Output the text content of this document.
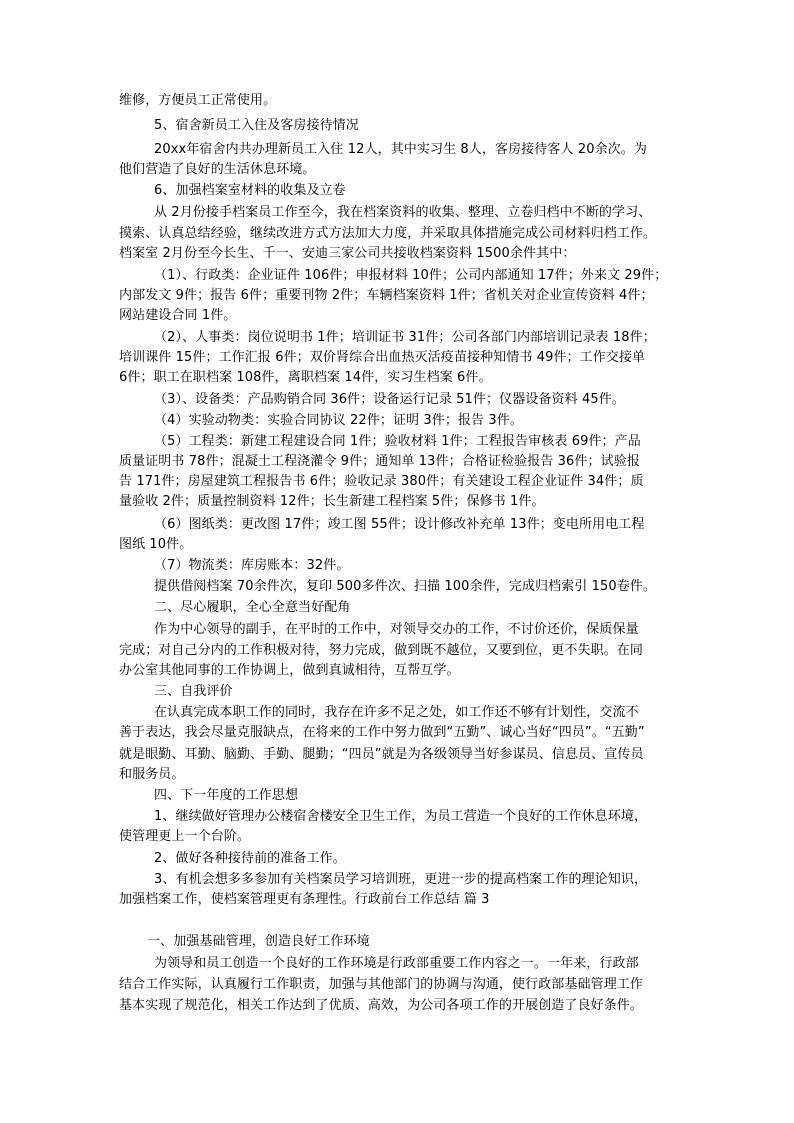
维修，方便员工正常使用。
5、宿舍新员工入住及客房接待情况
20xx年宿舍内共办理新员工入住 12人，其中实习生 8人，客房接待客人 20余次。为
他们营造了良好的生活休息环境。
6、加强档案室材料的收集及立卷
从 2月份接手档案员工作至今，我在档案资料的收集、整理、立卷归档中不断的学习、
摸索、认真总结经验，继续改进方式方法加大力度，并采取具体措施完成公司材料归档工作。
档案室 2月份至今长生、千一、安迪三家公司共接收档案资料 1500余件其中：
（1）、行政类：企业证件 106件；申报材料 10件；公司内部通知 17件；外来文 29件；
内部发文 9件；报告 6件；重要刊物 2件；车辆档案资料 1件；省机关对企业宣传资料 4件；
网站建设合同 1件。
（2）、人事类：岗位说明书 1件；培训证书 31件；公司各部门内部培训记录表 18件；
培训课件 15件；工作汇报 6件；双价肾综合出血热灭活疫苗接种知情书 49件；工作交接单
6件；职工在职档案 108件，离职档案 14件，实习生档案 6件。
（3）、设备类：产品购销合同 36件；设备运行记录 51件；仪器设备资料 45件。
（4）实验动物类：实验合同协议 22件；证明 3件；报告 3件。
（5）工程类：新建工程建设合同 1件；验收材料 1件；工程报告审核表 69件；产品
质量证明书 78件；混凝土工程浇灌令 9件；通知单 13件；合格证检验报告 36件；试验报
告 171件；房屋建筑工程报告书 6件；验收记录 380件；有关建设工程企业证件 34件；质
量验收 2件；质量控制资料 12件；长生新建工程档案 5件；保修书 1件。
（6）图纸类：更改图 17件；竣工图 55件；设计修改补充单 13件；变电所用电工程
图纸 10件。
（7）物流类：库房账本：32件。
提供借阅档案 70余件次，复印 500多件次、扫描 100余件，完成归档索引 150卷件。
二、尽心履职，全心全意当好配角
作为中心领导的副手，在平时的工作中，对领导交办的工作，不讨价还价，保质保量
完成；对自己分内的工作积极对待，努力完成，做到既不越位，又要到位，更不失职。在同
办公室其他同事的工作协调上，做到真诚相待，互帮互学。
三、自我评价
在认真完成本职工作的同时，我存在许多不足之处，如工作还不够有计划性，交流不
善于表达，我会尽量克服缺点，在将来的工作中努力做到“五勤”、诚心当好“四员”。“五勤”
就是眼勤、耳勤、脑勤、手勤、腿勤；“四员”就是为各级领导当好参谋员、信息员、宣传员
和服务员。
四、下一年度的工作思想
1、继续做好管理办公楼宿舍楼安全卫生工作，为员工营造一个良好的工作休息环境，
使管理更上一个台阶。
2、做好各种接待前的准备工作。
3、有机会想多多参加有关档案员学习培训班，更进一步的提高档案工作的理论知识，
加强档案工作，使档案管理更有条理性。行政前台工作总结 篇 3
一、加强基础管理，创造良好工作环境
为领导和员工创造一个良好的工作环境是行政部重要工作内容之一。一年来，行政部
结合工作实际，认真履行工作职责，加强与其他部门的协调与沟通，使行政部基础管理工作
基本实现了规范化，相关工作达到了优质、高效，为公司各项工作的开展创造了良好条件。
